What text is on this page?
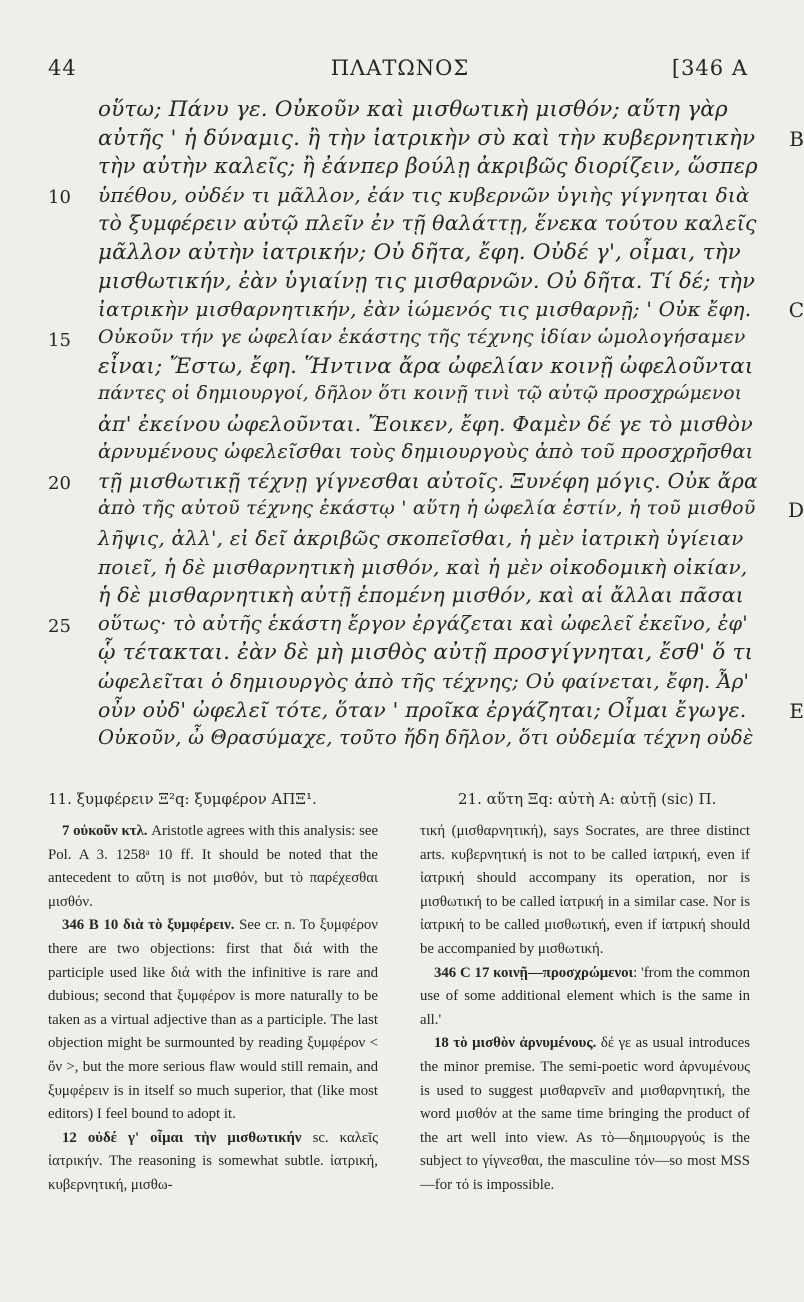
44	ΠΛΑΤΩΝΟΣ	[346 A
οὕτω; Πάνυ γε. Οὐκοῦν καὶ μισθωτικὴ μισθόν; αὕτη γὰρ
αὐτῆς ' ἡ δύναμις. ἢ τὴν ἰατρικὴν σὺ καὶ τὴν κυβερνητικὴν B
τὴν αὐτὴν καλεῖς; ἢ ἐάνπερ βούλῃ ἀκριβῶς διορίζειν, ὥσπερ
10	ὑπέθου, οὐδέν τι μᾶλλον, ἐάν τις κυβερνῶν ὑγιὴς γίγνηται διὰ
τὸ ξυμφέρειν αὐτῷ πλεῖν ἐν τῇ θαλάττῃ, ἕνεκα τούτου καλεῖς
μᾶλλον αὐτὴν ἰατρικήν; Οὐ δῆτα, ἔφη. Οὐδέ γ', οἶμαι, τὴν
μισθωτικήν, ἐὰν ὑγιαίνῃ τις μισθαρνῶν. Οὐ δῆτα. Τί δέ; τὴν
ἰατρικὴν μισθαρνητικήν, ἐὰν ἰώμενός τις μισθαρνῇ; ' Οὐκ ἔφη. C
15	Οὐκοῦν τήν γε ὠφελίαν ἑκάστης τῆς τέχνης ἰδίαν ὡμολογήσαμεν
εἶναι; Ἔστω, ἔφη. Ἥντινα ἄρα ὠφελίαν κοινῇ ὠφελοῦνται
πάντες οἱ δημιουργοί, δῆλον ὅτι κοινῇ τινὶ τῷ αὐτῷ προσχρώμενοι
ἀπ' ἐκείνου ὠφελοῦνται. Ἔοικεν, ἔφη. Φαμὲν δέ γε τὸ μισθὸν
ἀρνυμένους ὠφελεῖσθαι τοὺς δημιουργοὺς ἀπὸ τοῦ προσχρῆσθαι
20	τῇ μισθωτικῇ τέχνῃ γίγνεσθαι αὐτοῖς. Ξυνέφη μόγις. Οὐκ ἄρα
ἀπὸ τῆς αὐτοῦ τέχνης ἑκάστῳ ' αὕτη ἡ ὠφελία ἐστίν, ἡ τοῦ μισθοῦ D
λῆψις, ἀλλ', εἰ δεῖ ἀκριβῶς σκοπεῖσθαι, ἡ μὲν ἰατρικὴ ὑγίειαν
ποιεῖ, ἡ δὲ μισθαρνητικὴ μισθόν, καὶ ἡ μὲν οἰκοδομικὴ οἰκίαν,
ἡ δὲ μισθαρνητικὴ αὐτῇ ἑπομένη μισθόν, καὶ αἱ ἄλλαι πᾶσαι
25	οὕτως· τὸ αὑτῆς ἑκάστη ἔργον ἐργάζεται καὶ ὠφελεῖ ἐκεῖνο, ἐφ'
ᾧ τέτακται. ἐὰν δὲ μὴ μισθὸς αὐτῇ προσγίγνηται, ἔσθ' ὅ τι
ὠφελεῖται ὁ δημιουργὸς ἀπὸ τῆς τέχνης; Οὐ φαίνεται, ἔφη. Ἆρ'
οὖν οὐδ' ὠφελεῖ τότε, ὅταν ' προῖκα ἐργάζηται; Οἶμαι ἔγωγε. E
Οὐκοῦν, ὦ Θρασύμαχε, τοῦτο ἤδη δῆλον, ὅτι οὐδεμία τέχνη οὐδὲ
11. ξυμφέρειν Ξ²q: ξυμφέρον ΑΠΞ¹.	21. αὕτη Ξq: αὐτὴ Α: αὐτῇ (sic) Π.

7 οὐκοῦν κτλ. Aristotle agrees with this analysis: see Pol. A 3. 1258ᵃ 10 ff. It should be noted that the antecedent to αὕτη is not μισθόν, but τὸ παρέχεσθαι μισθόν.

346 B 10 διὰ τὸ ξυμφέρειν. See cr. n. To ξυμφέρον there are two objections: first that διά with the participle used like διά with the infinitive is rare and dubious; second that ξυμφέρον is more naturally to be taken as a virtual adjective than as a participle. The last objection might be surmounted by reading ξυμφέρον < ὄν >, but the more serious flaw would still remain, and ξυμφέρειν is in itself so much superior, that (like most editors) I feel bound to adopt it.

12 οὐδέ γ' οἶμαι τὴν μισθωτικήν sc. καλεῖς ἰατρικήν. The reasoning is somewhat subtle. ἰατρική, κυβερνητική, μισθω-

τική (μισθαρνητική), says Socrates, are three distinct arts. κυβερνητική is not to be called ἰατρική, even if ἰατρική should accompany its operation, nor is μισθωτική to be called ἰατρική in a similar case. Nor is ἰατρική to be called μισθωτική, even if ἰατρική should be accompanied by μισθωτική.

346 C 17 κοινῇ—προσχρώμενοι: 'from the common use of some additional element which is the same in all.'

18 τὸ μισθὸν ἀρνυμένους. δέ γε as usual introduces the minor premise. The semi-poetic word ἀρνυμένους is used to suggest μισθαρνεῖν and μισθαρνητική, the word μισθόν at the same time bringing the product of the art well into view. As τὸ—δημιουργούς is the subject to γίγνεσθαι, the masculine τόν—so most MSS—for τό is impossible.
